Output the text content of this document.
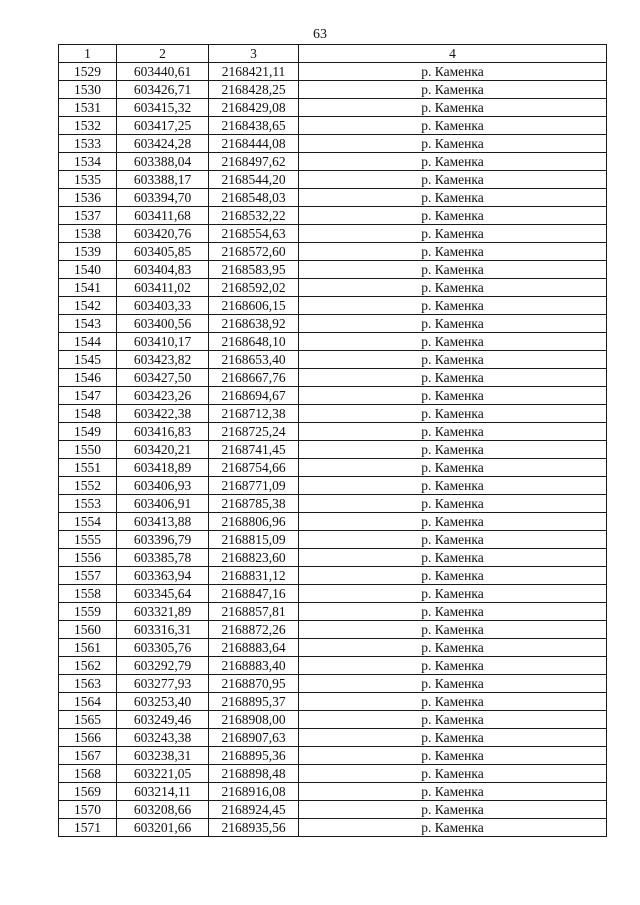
63
1	2	3	4
1529	603440,61	2168421,11	р. Каменка
1530	603426,71	2168428,25	р. Каменка
1531	603415,32	2168429,08	р. Каменка
1532	603417,25	2168438,65	р. Каменка
1533	603424,28	2168444,08	р. Каменка
1534	603388,04	2168497,62	р. Каменка
1535	603388,17	2168544,20	р. Каменка
1536	603394,70	2168548,03	р. Каменка
1537	603411,68	2168532,22	р. Каменка
1538	603420,76	2168554,63	р. Каменка
1539	603405,85	2168572,60	р. Каменка
1540	603404,83	2168583,95	р. Каменка
1541	603411,02	2168592,02	р. Каменка
1542	603403,33	2168606,15	р. Каменка
1543	603400,56	2168638,92	р. Каменка
1544	603410,17	2168648,10	р. Каменка
1545	603423,82	2168653,40	р. Каменка
1546	603427,50	2168667,76	р. Каменка
1547	603423,26	2168694,67	р. Каменка
1548	603422,38	2168712,38	р. Каменка
1549	603416,83	2168725,24	р. Каменка
1550	603420,21	2168741,45	р. Каменка
1551	603418,89	2168754,66	р. Каменка
1552	603406,93	2168771,09	р. Каменка
1553	603406,91	2168785,38	р. Каменка
1554	603413,88	2168806,96	р. Каменка
1555	603396,79	2168815,09	р. Каменка
1556	603385,78	2168823,60	р. Каменка
1557	603363,94	2168831,12	р. Каменка
1558	603345,64	2168847,16	р. Каменка
1559	603321,89	2168857,81	р. Каменка
1560	603316,31	2168872,26	р. Каменка
1561	603305,76	2168883,64	р. Каменка
1562	603292,79	2168883,40	р. Каменка
1563	603277,93	2168870,95	р. Каменка
1564	603253,40	2168895,37	р. Каменка
1565	603249,46	2168908,00	р. Каменка
1566	603243,38	2168907,63	р. Каменка
1567	603238,31	2168895,36	р. Каменка
1568	603221,05	2168898,48	р. Каменка
1569	603214,11	2168916,08	р. Каменка
1570	603208,66	2168924,45	р. Каменка
1571	603201,66	2168935,56	р. Каменка
